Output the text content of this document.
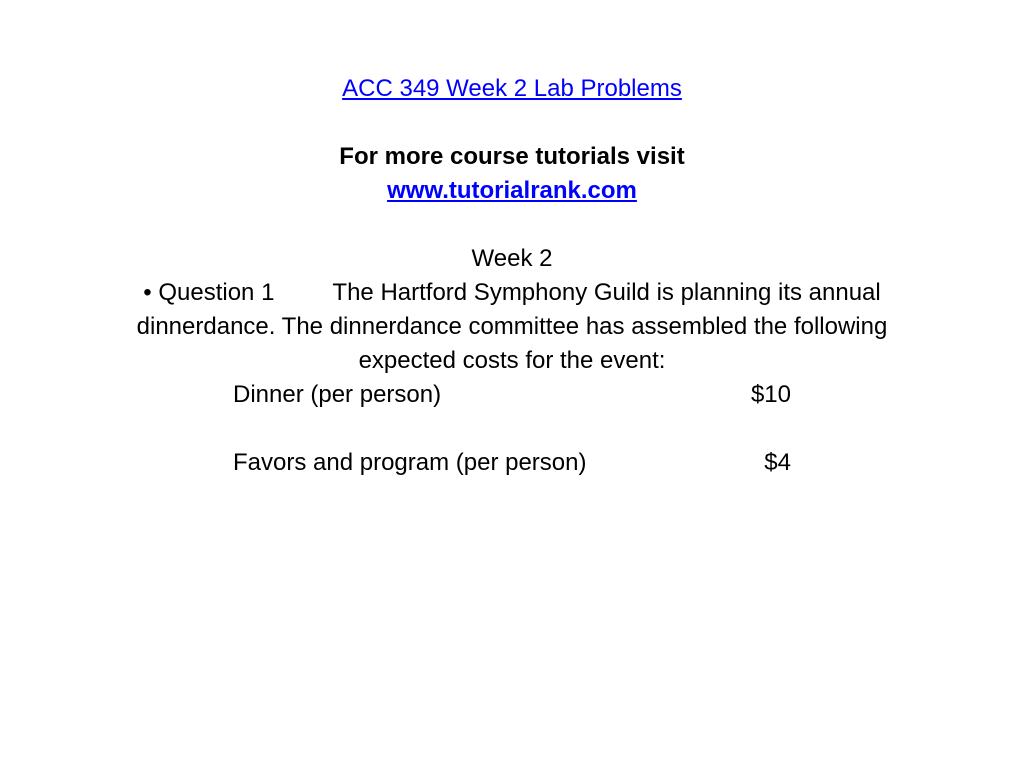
ACC 349 Week 2 Lab Problems
For more course tutorials visit
www.tutorialrank.com
Week 2
• Question 1 The Hartford Symphony Guild is planning its annual
dinnerdance. The dinnerdance committee has assembled the following
expected costs for the event:
Dinner (per person)	$10
Favors and program (per person)	$4
